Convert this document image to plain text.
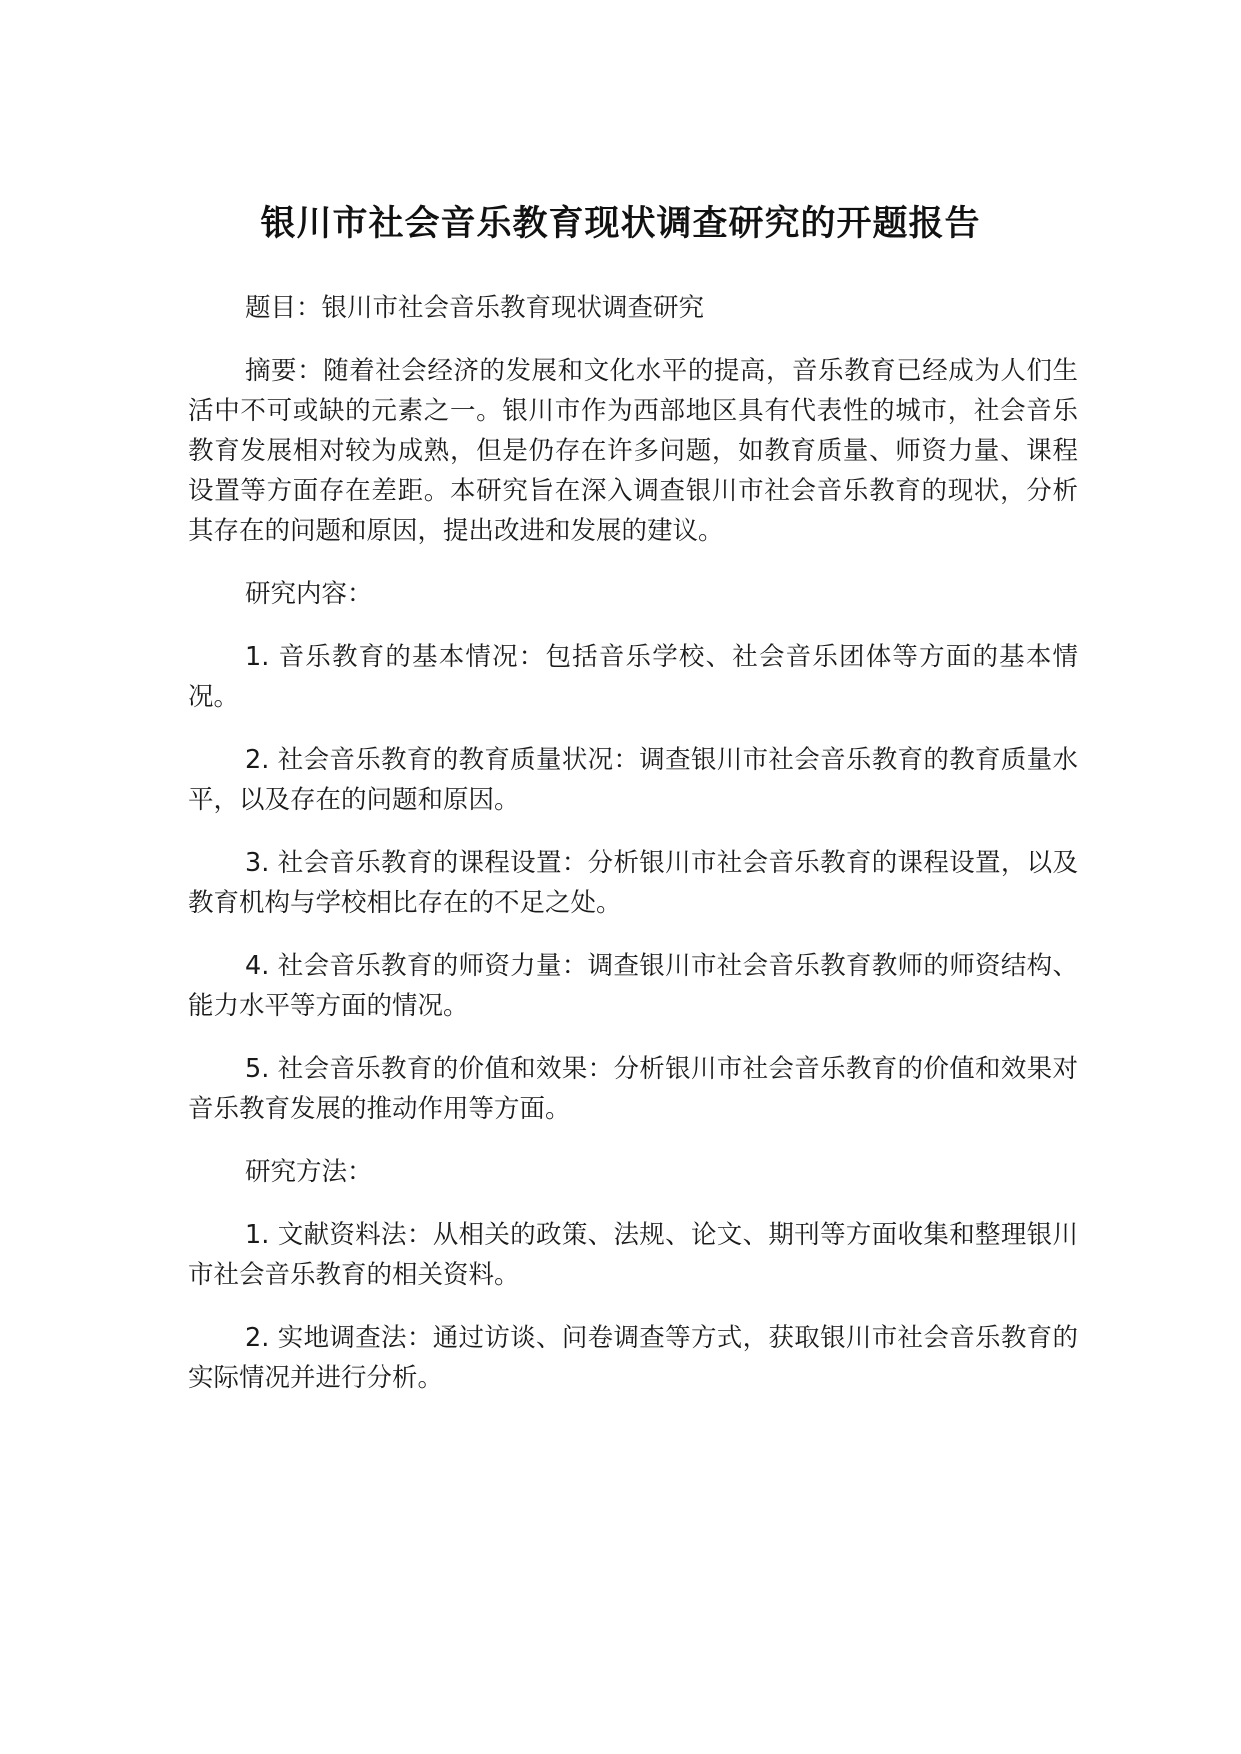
银川市社会音乐教育现状调查研究的开题报告

题目：银川市社会音乐教育现状调查研究

摘要：随着社会经济的发展和文化水平的提高，音乐教育已经成为人们生活中不可或缺的元素之一。银川市作为西部地区具有代表性的城市，社会音乐教育发展相对较为成熟，但是仍存在许多问题，如教育质量、师资力量、课程设置等方面存在差距。本研究旨在深入调查银川市社会音乐教育的现状，分析其存在的问题和原因，提出改进和发展的建议。

研究内容：

1. 音乐教育的基本情况：包括音乐学校、社会音乐团体等方面的基本情况。

2. 社会音乐教育的教育质量状况：调查银川市社会音乐教育的教育质量水平，以及存在的问题和原因。

3. 社会音乐教育的课程设置：分析银川市社会音乐教育的课程设置，以及教育机构与学校相比存在的不足之处。

4. 社会音乐教育的师资力量：调查银川市社会音乐教育教师的师资结构、能力水平等方面的情况。

5. 社会音乐教育的价值和效果：分析银川市社会音乐教育的价值和效果对音乐教育发展的推动作用等方面。

研究方法：

1. 文献资料法：从相关的政策、法规、论文、期刊等方面收集和整理银川市社会音乐教育的相关资料。

2. 实地调查法：通过访谈、问卷调查等方式，获取银川市社会音乐教育的实际情况并进行分析。
